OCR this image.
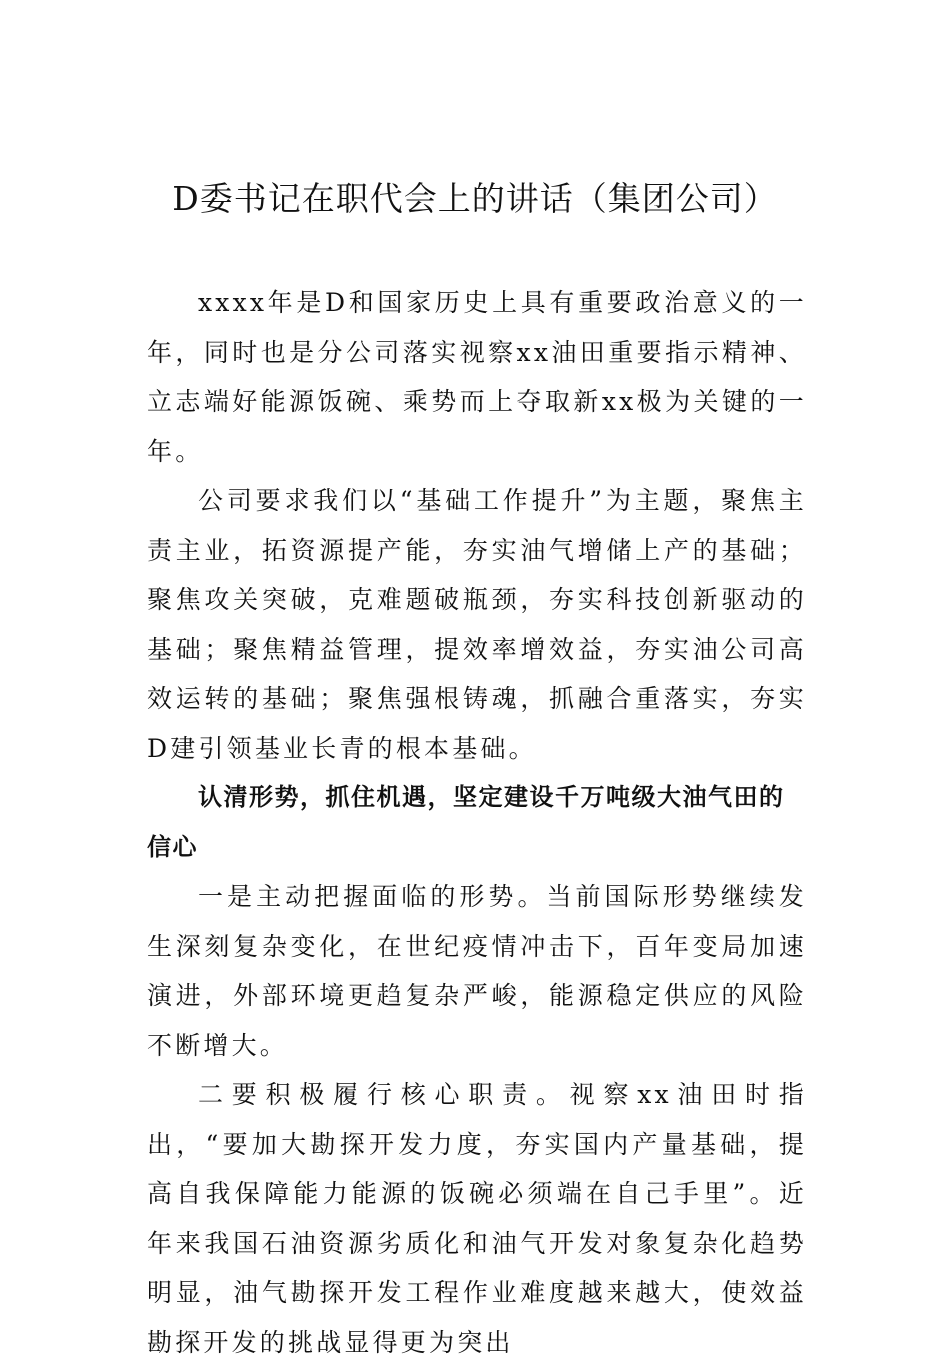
D委书记在职代会上的讲话（集团公司）

xxxx年是D和国家历史上具有重要政治意义的一年，同时也是分公司落实视察xx油田重要指示精神、立志端好能源饭碗、乘势而上夺取新xx极为关键的一年。

公司要求我们以“基础工作提升”为主题，聚焦主责主业，拓资源提产能，夯实油气增储上产的基础；聚焦攻关突破，克难题破瓶颈，夯实科技创新驱动的基础；聚焦精益管理，提效率增效益，夯实油公司高效运转的基础；聚焦强根铸魂，抓融合重落实，夯实D建引领基业长青的根本基础。

认清形势，抓住机遇，坚定建设千万吨级大油气田的信心

一是主动把握面临的形势。当前国际形势继续发生深刻复杂变化，在世纪疫情冲击下，百年变局加速演进，外部环境更趋复杂严峻，能源稳定供应的风险不断增大。

二要积极履行核心职责。视察xx油田时指出，“要加大勘探开发力度，夯实国内产量基础，提高自我保障能力能源的饭碗必须端在自己手里”。近年来我国石油资源劣质化和油气开发对象复杂化趋势明显，油气勘探开发工程作业难度越来越大，使效益勘探开发的挑战显得更为突出
